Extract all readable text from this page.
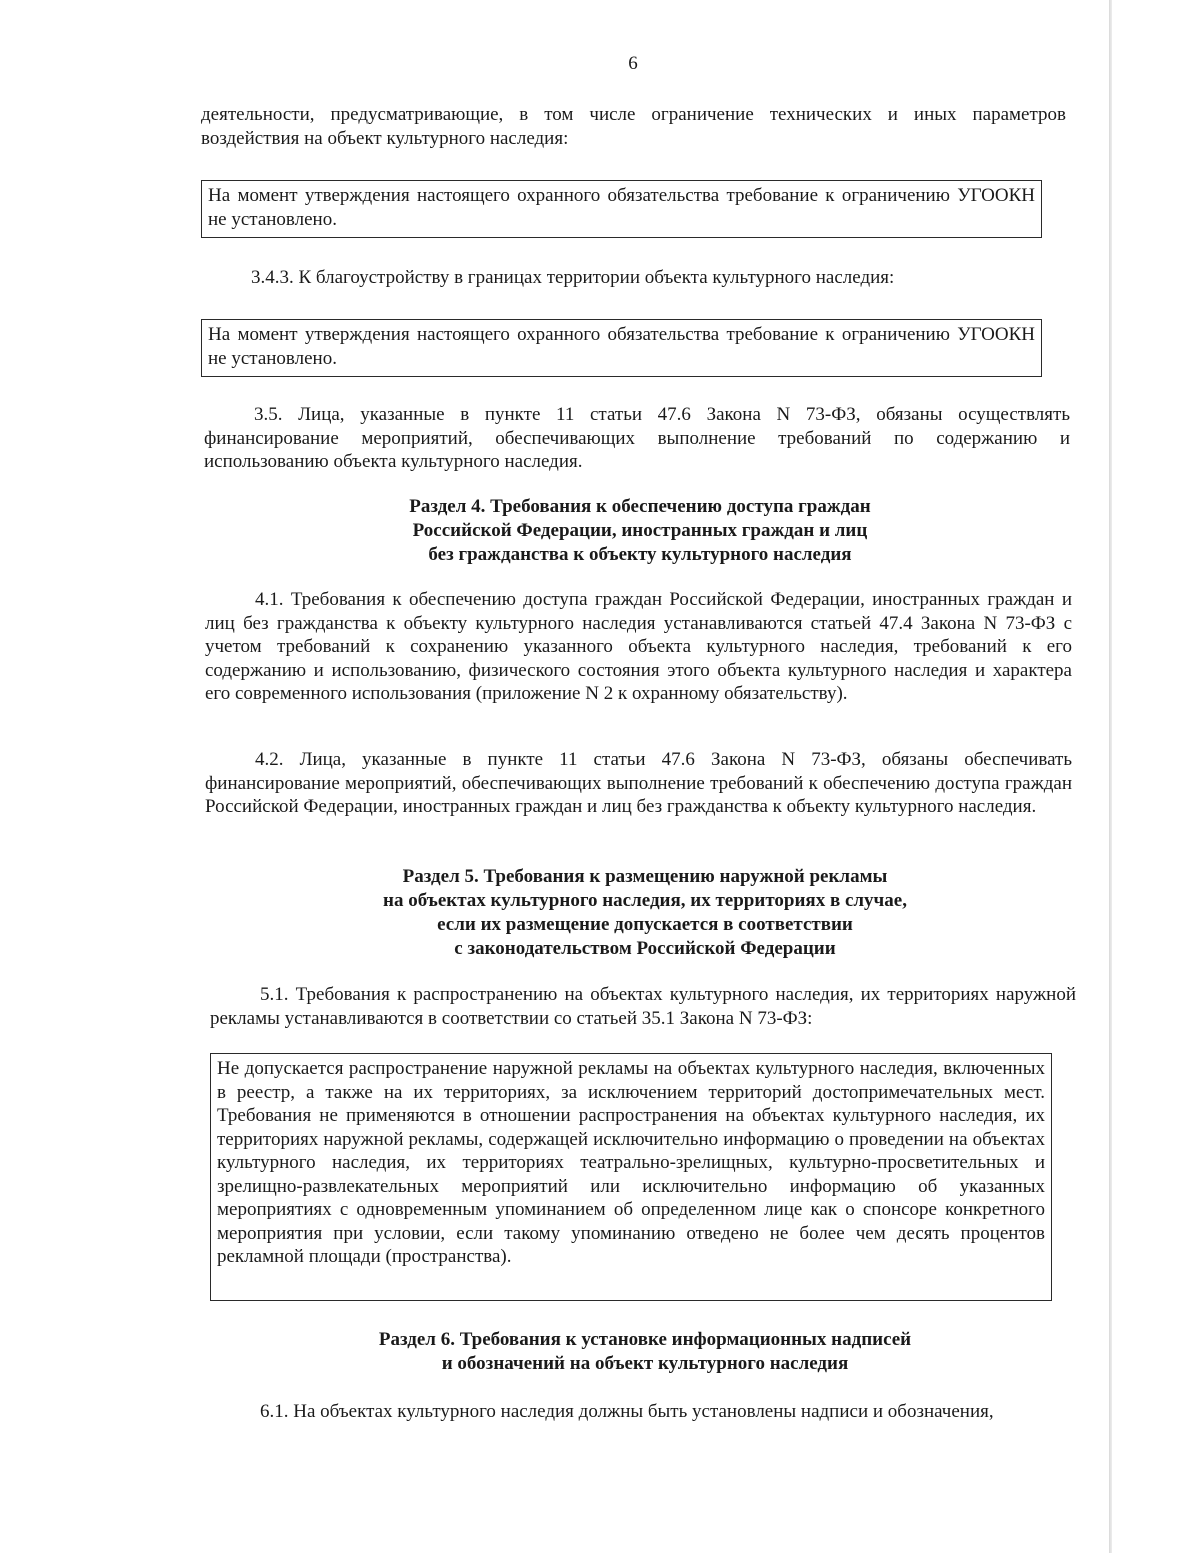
6
деятельности, предусматривающие, в том числе ограничение технических и иных параметров воздействия на объект культурного наследия:
На момент утверждения настоящего охранного обязательства требование к ограничению УГООКН не установлено.
3.4.3. К благоустройству в границах территории объекта культурного наследия:
На момент утверждения настоящего охранного обязательства требование к ограничению УГООКН не установлено.
3.5. Лица, указанные в пункте 11 статьи 47.6 Закона N 73-ФЗ, обязаны осуществлять финансирование мероприятий, обеспечивающих выполнение требований по содержанию и использованию объекта культурного наследия.
Раздел 4. Требования к обеспечению доступа граждан
Российской Федерации, иностранных граждан и лиц
без гражданства к объекту культурного наследия
4.1. Требования к обеспечению доступа граждан Российской Федерации, иностранных граждан и лиц без гражданства к объекту культурного наследия устанавливаются статьей 47.4 Закона N 73-ФЗ с учетом требований к сохранению указанного объекта культурного наследия, требований к его содержанию и использованию, физического состояния этого объекта культурного наследия и характера его современного использования (приложение N 2 к охранному обязательству).
4.2. Лица, указанные в пункте 11 статьи 47.6 Закона N 73-ФЗ, обязаны обеспечивать финансирование мероприятий, обеспечивающих выполнение требований к обеспечению доступа граждан Российской Федерации, иностранных граждан и лиц без гражданства к объекту культурного наследия.
Раздел 5. Требования к размещению наружной рекламы
на объектах культурного наследия, их территориях в случае,
если их размещение допускается в соответствии
с законодательством Российской Федерации
5.1. Требования к распространению на объектах культурного наследия, их территориях наружной рекламы устанавливаются в соответствии со статьей 35.1 Закона N 73-ФЗ:
Не допускается распространение наружной рекламы на объектах культурного наследия, включенных в реестр, а также на их территориях, за исключением территорий достопримечательных мест. Требования не применяются в отношении распространения на объектах культурного наследия, их территориях наружной рекламы, содержащей исключительно информацию о проведении на объектах культурного наследия, их территориях театрально-зрелищных, культурно-просветительных и зрелищно-развлекательных мероприятий или исключительно информацию об указанных мероприятиях с одновременным упоминанием об определенном лице как о спонсоре конкретного мероприятия при условии, если такому упоминанию отведено не более чем десять процентов рекламной площади (пространства).
Раздел 6. Требования к установке информационных надписей
и обозначений на объект культурного наследия
6.1. На объектах культурного наследия должны быть установлены надписи и обозначения,
